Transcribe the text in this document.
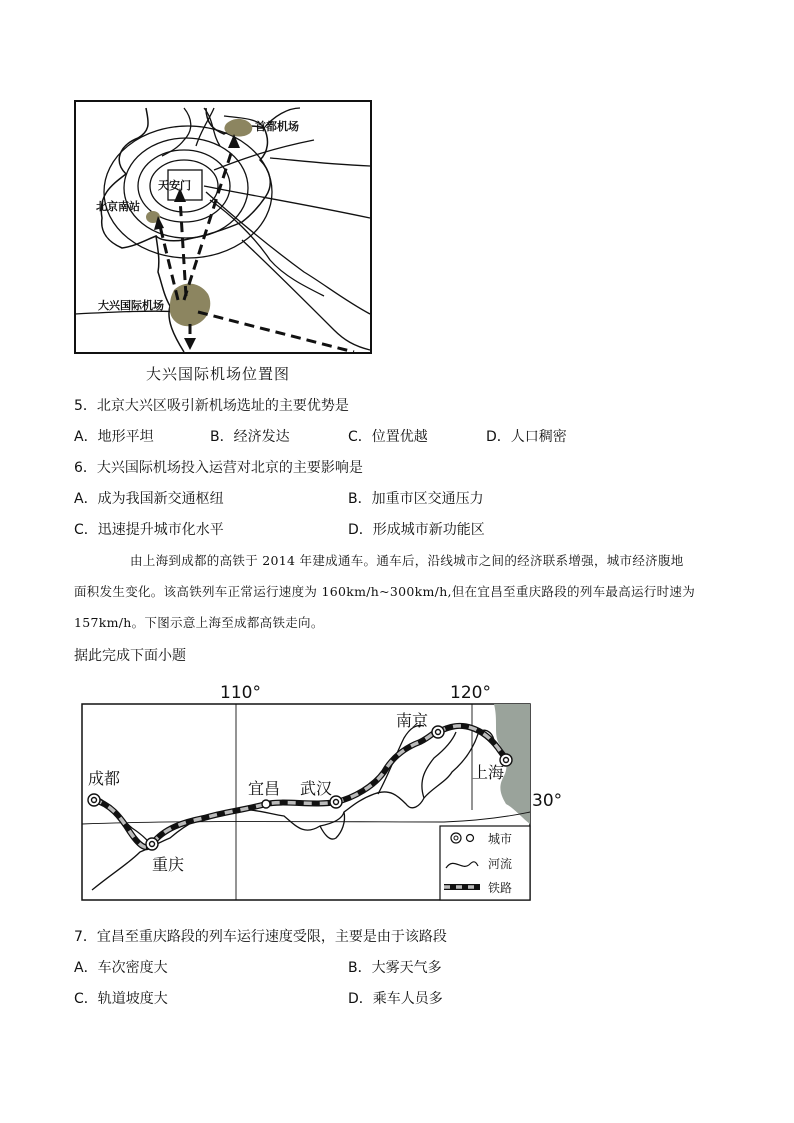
首都机场
天安门
北京南站
大兴国际机场
大兴国际机场位置图
5．北京大兴区吸引新机场选址的主要优势是
A．地形平坦	B．经济发达	C．位置优越	D．人口稠密
6．大兴国际机场投入运营对北京的主要影响是
A．成为我国新交通枢纽	B．加重市区交通压力
C．迅速提升城市化水平	D．形成城市新功能区
由上海到成都的高铁于 2014 年建成通车。通车后，沿线城市之间的经济联系增强，城市经济腹地
面积发生变化。该高铁列车正常运行速度为 160km/h~300km/h,但在宜昌至重庆路段的列车最高运行时速为
157km/h。下图示意上海至成都高铁走向。
据此完成下面小题
110°	120°
30°
成都
重庆
宜昌 武汉
南京
上海
城市
河流
铁路
7．宜昌至重庆路段的列车运行速度受限，主要是由于该路段
A．车次密度大	B．大雾天气多
C．轨道坡度大	D．乘车人员多
